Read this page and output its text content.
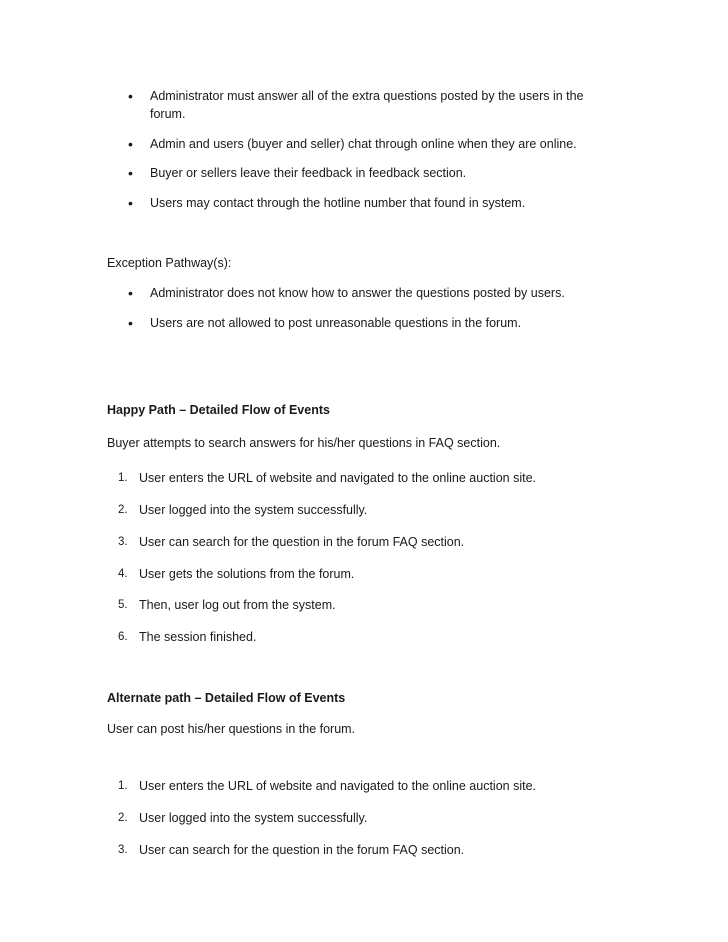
• Administrator must answer all of the extra questions posted by the users in the
forum.
• Admin and users (buyer and seller) chat through online when they are online.
• Buyer or sellers leave their feedback in feedback section.
• Users may contact through the hotline number that found in system.
Exception Pathway(s):
• Administrator does not know how to answer the questions posted by users.
• Users are not allowed to post unreasonable questions in the forum.
Happy Path – Detailed Flow of Events
Buyer attempts to search answers for his/her questions in FAQ section.
1. User enters the URL of website and navigated to the online auction site.
2. User logged into the system successfully.
3. User can search for the question in the forum FAQ section.
4. User gets the solutions from the forum.
5. Then, user log out from the system.
6. The session finished.
Alternate path – Detailed Flow of Events
User can post his/her questions in the forum.
1. User enters the URL of website and navigated to the online auction site.
2. User logged into the system successfully.
3. User can search for the question in the forum FAQ section.
